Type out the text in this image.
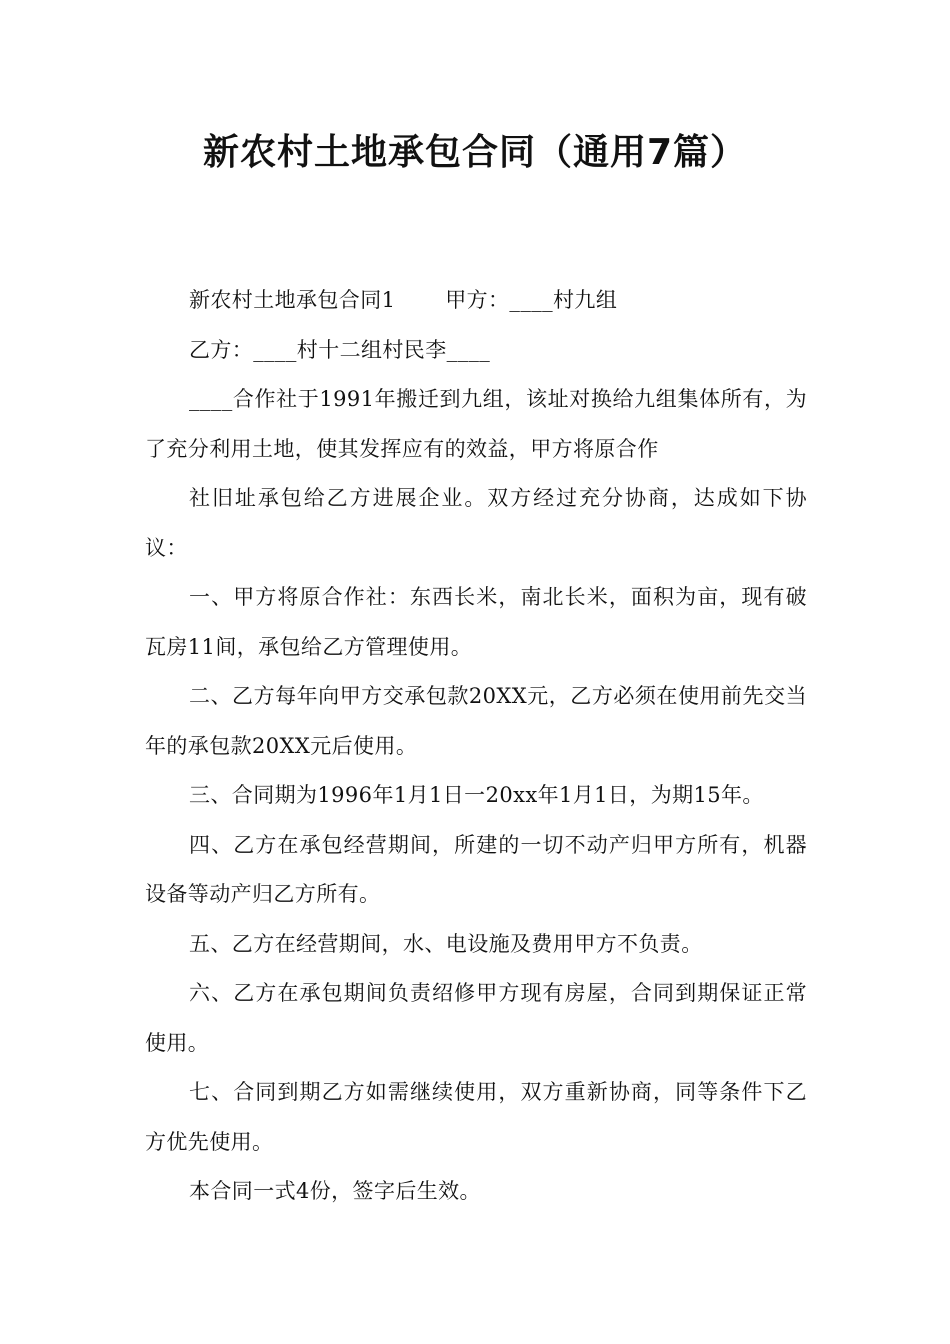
新农村土地承包合同（通用7篇）

新农村土地承包合同1　　 甲方：____村九组

乙方：____村十二组村民李____

____合作社于1991年搬迁到九组，该址对换给九组集体所有，为了充分利用土地，使其发挥应有的效益，甲方将原合作

社旧址承包给乙方进展企业。双方经过充分协商，达成如下协议：

一、甲方将原合作社：东西长米，南北长米，面积为亩，现有破瓦房11间，承包给乙方管理使用。

二、乙方每年向甲方交承包款20XX元，乙方必须在使用前先交当年的承包款20XX元后使用。

三、合同期为1996年1月1日一20xx年1月1日，为期15年。

四、乙方在承包经营期间，所建的一切不动产归甲方所有，机器设备等动产归乙方所有。

五、乙方在经营期间，水、电设施及费用甲方不负责。

六、乙方在承包期间负责绍修甲方现有房屋，合同到期保证正常使用。

七、合同到期乙方如需继续使用，双方重新协商，同等条件下乙方优先使用。

本合同一式4份，签字后生效。
